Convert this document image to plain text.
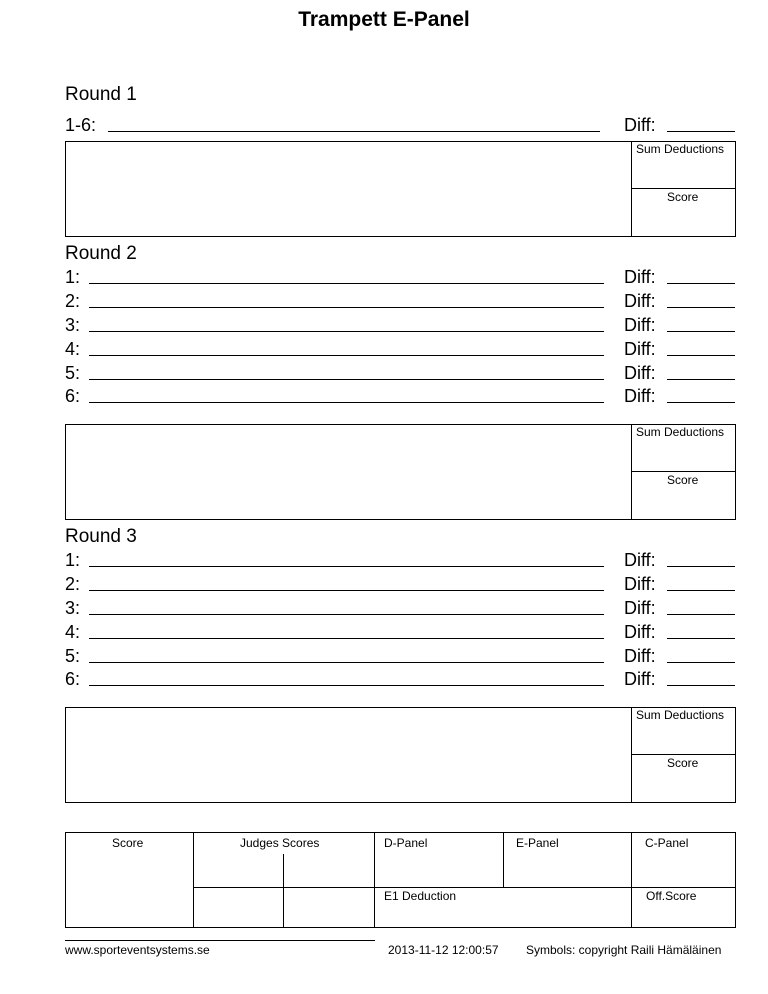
Trampett E-Panel
Round 1
1-6:	Diff:
Sum Deductions
Score
Round 2
1:	Diff:
2:	Diff:
3:	Diff:
4:	Diff:
5:	Diff:
6:	Diff:
Sum Deductions
Score
Round 3
1:	Diff:
2:	Diff:
3:	Diff:
4:	Diff:
5:	Diff:
6:	Diff:
Sum Deductions
Score
Score	Judges Scores	D-Panel	E-Panel	C-Panel
E1 Deduction	Off.Score
www.sporteventsystems.se	2013-11-12 12:00:57 Symbols: copyright Raili Hämäläinen
